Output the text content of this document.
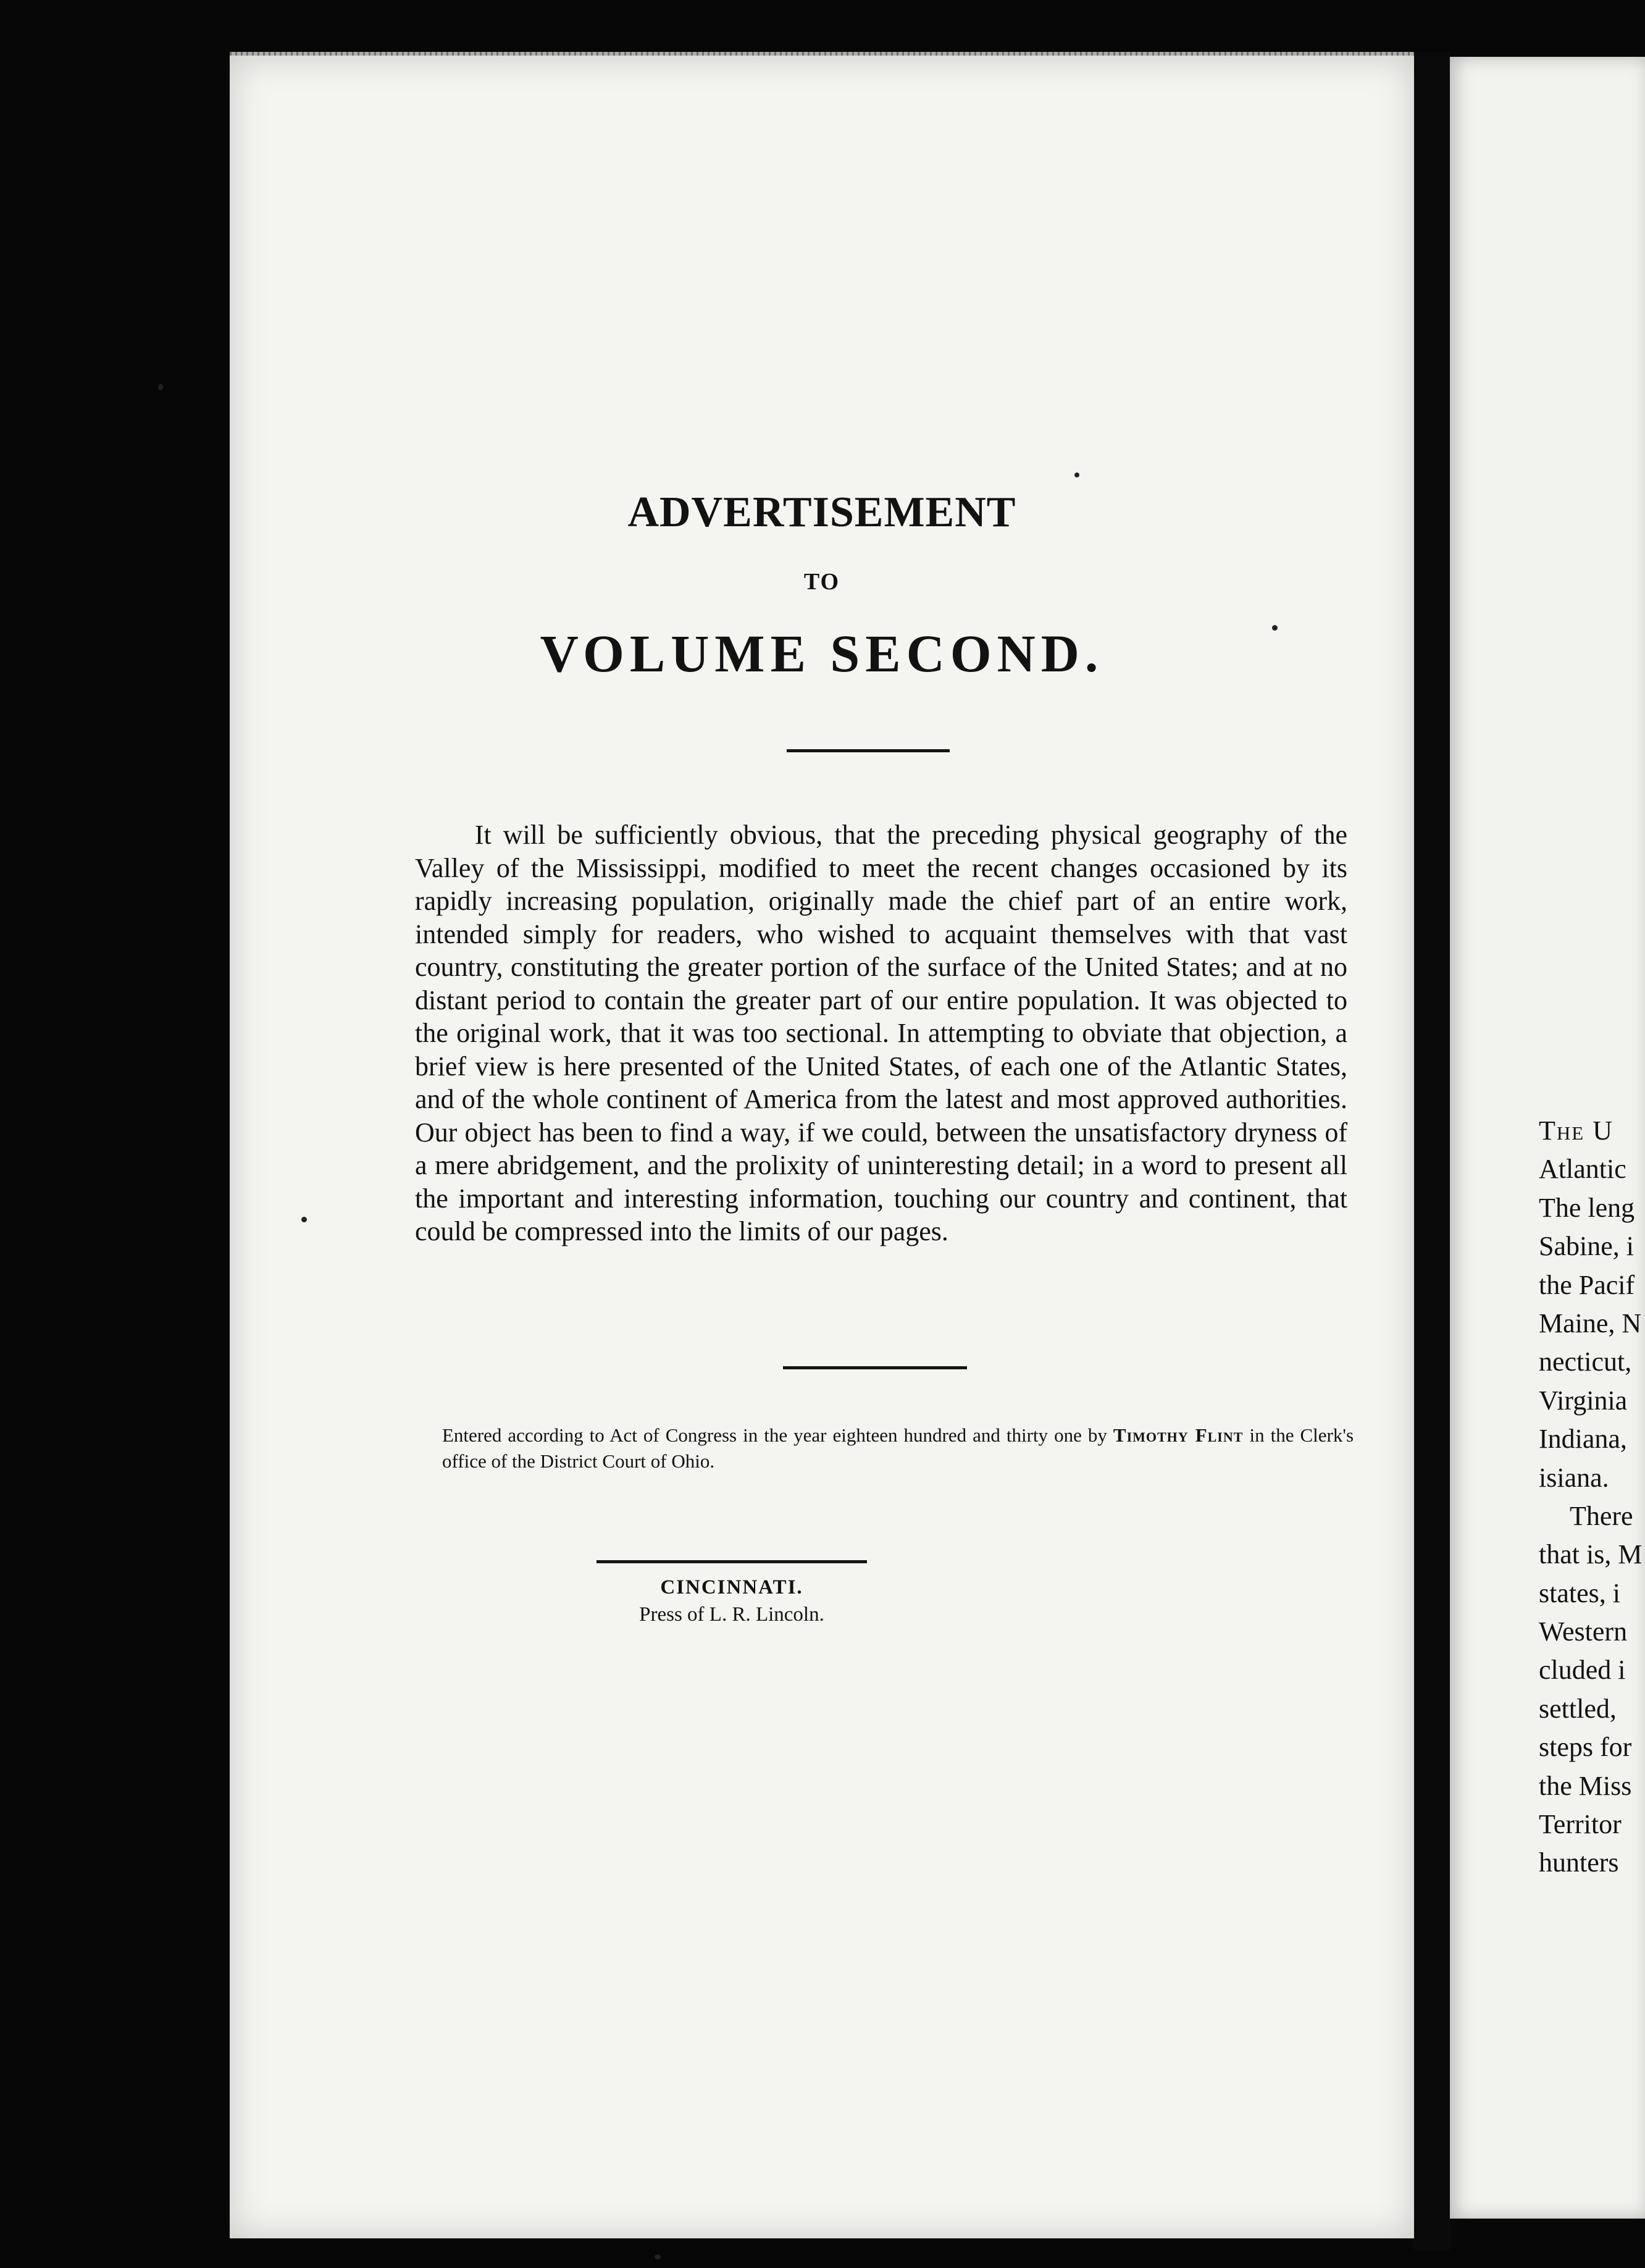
ADVERTISEMENT
TO
VOLUME SECOND.
It will be sufficiently obvious, that the preceding physical geography of the Valley of the Mississippi, modified to meet the recent changes occasioned by its rapidly increasing population, originally made the chief part of an entire work, intended simply for readers, who wished to acquaint themselves with that vast country, constituting the greater portion of the surface of the United States; and at no distant period to contain the greater part of our entire population. It was objected to the original work, that it was too sectional. In attempting to obviate that objection, a brief view is here presented of the United States, of each one of the Atlantic States, and of the whole continent of America from the latest and most approved authorities. Our object has been to find a way, if we could, between the unsatisfactory dryness of a mere abridgement, and the prolixity of uninteresting detail; in a word to present all the important and interesting information, touching our country and continent, that could be compressed into the limits of our pages.
Entered according to Act of Congress in the year eighteen hundred and thirty one by Timothy Flint in the Clerk's office of the District Court of Ohio.
CINCINNATI.
Press of L. R. Lincoln.
The U
Atlantic
The leng
Sabine, i
the Pacif
Maine, N
necticut,
Virginia
Indiana,
isiana.
There
that is, M
states, i
Western
cluded i
settled,
steps for
the Miss
Territor
hunters
